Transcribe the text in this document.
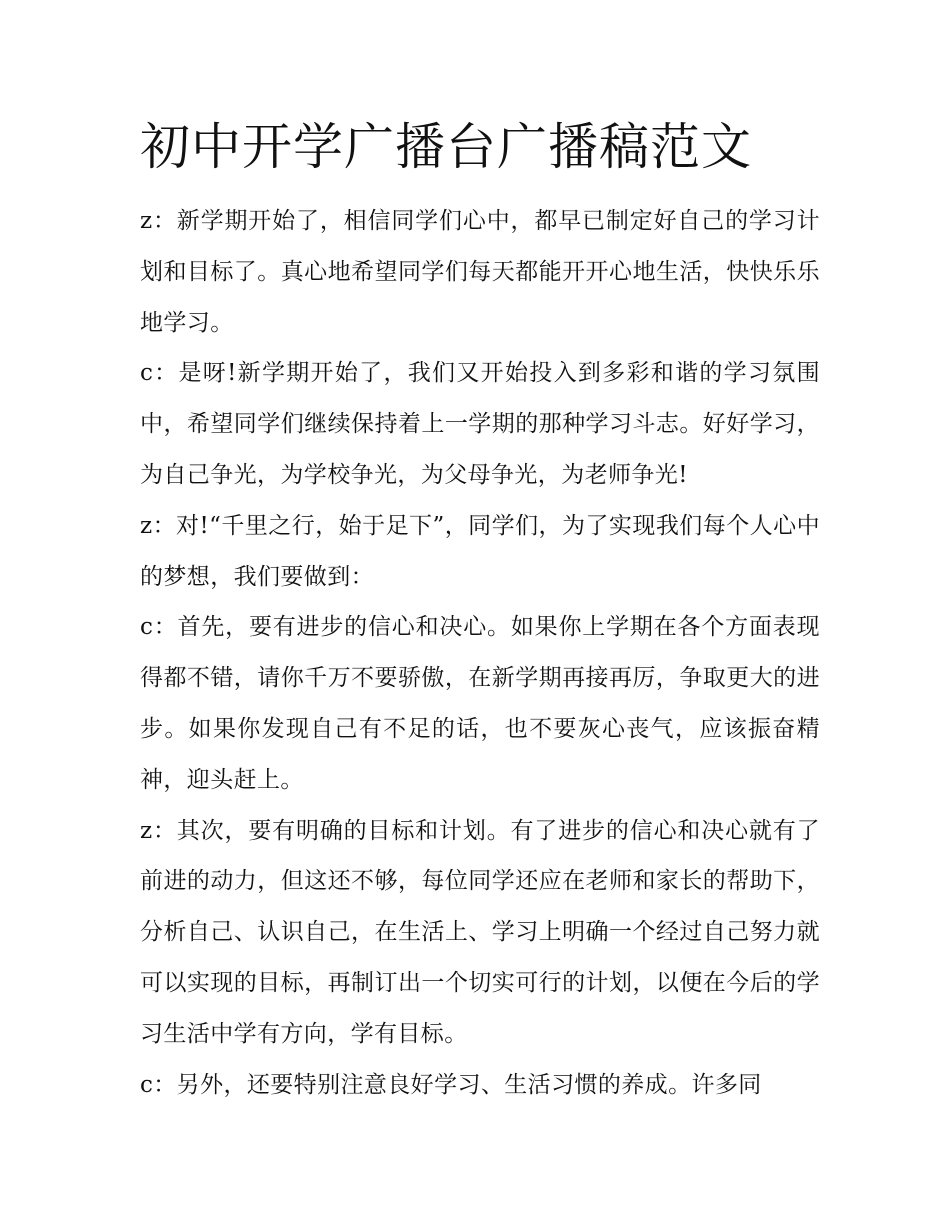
初中开学广播台广播稿范文

z：新学期开始了，相信同学们心中，都早已制定好自己的学习计划和目标了。真心地希望同学们每天都能开开心地生活，快快乐乐地学习。

c：是呀!新学期开始了，我们又开始投入到多彩和谐的学习氛围中，希望同学们继续保持着上一学期的那种学习斗志。好好学习，为自己争光，为学校争光，为父母争光，为老师争光!

z：对!“千里之行，始于足下”，同学们，为了实现我们每个人心中的梦想，我们要做到：

c：首先，要有进步的信心和决心。如果你上学期在各个方面表现得都不错，请你千万不要骄傲，在新学期再接再厉，争取更大的进步。如果你发现自己有不足的话，也不要灰心丧气，应该振奋精神，迎头赶上。

z：其次，要有明确的目标和计划。有了进步的信心和决心就有了前进的动力，但这还不够，每位同学还应在老师和家长的帮助下，分析自己、认识自己，在生活上、学习上明确一个经过自己努力就可以实现的目标，再制订出一个切实可行的计划，以便在今后的学习生活中学有方向，学有目标。

c：另外，还要特别注意良好学习、生活习惯的养成。许多同
